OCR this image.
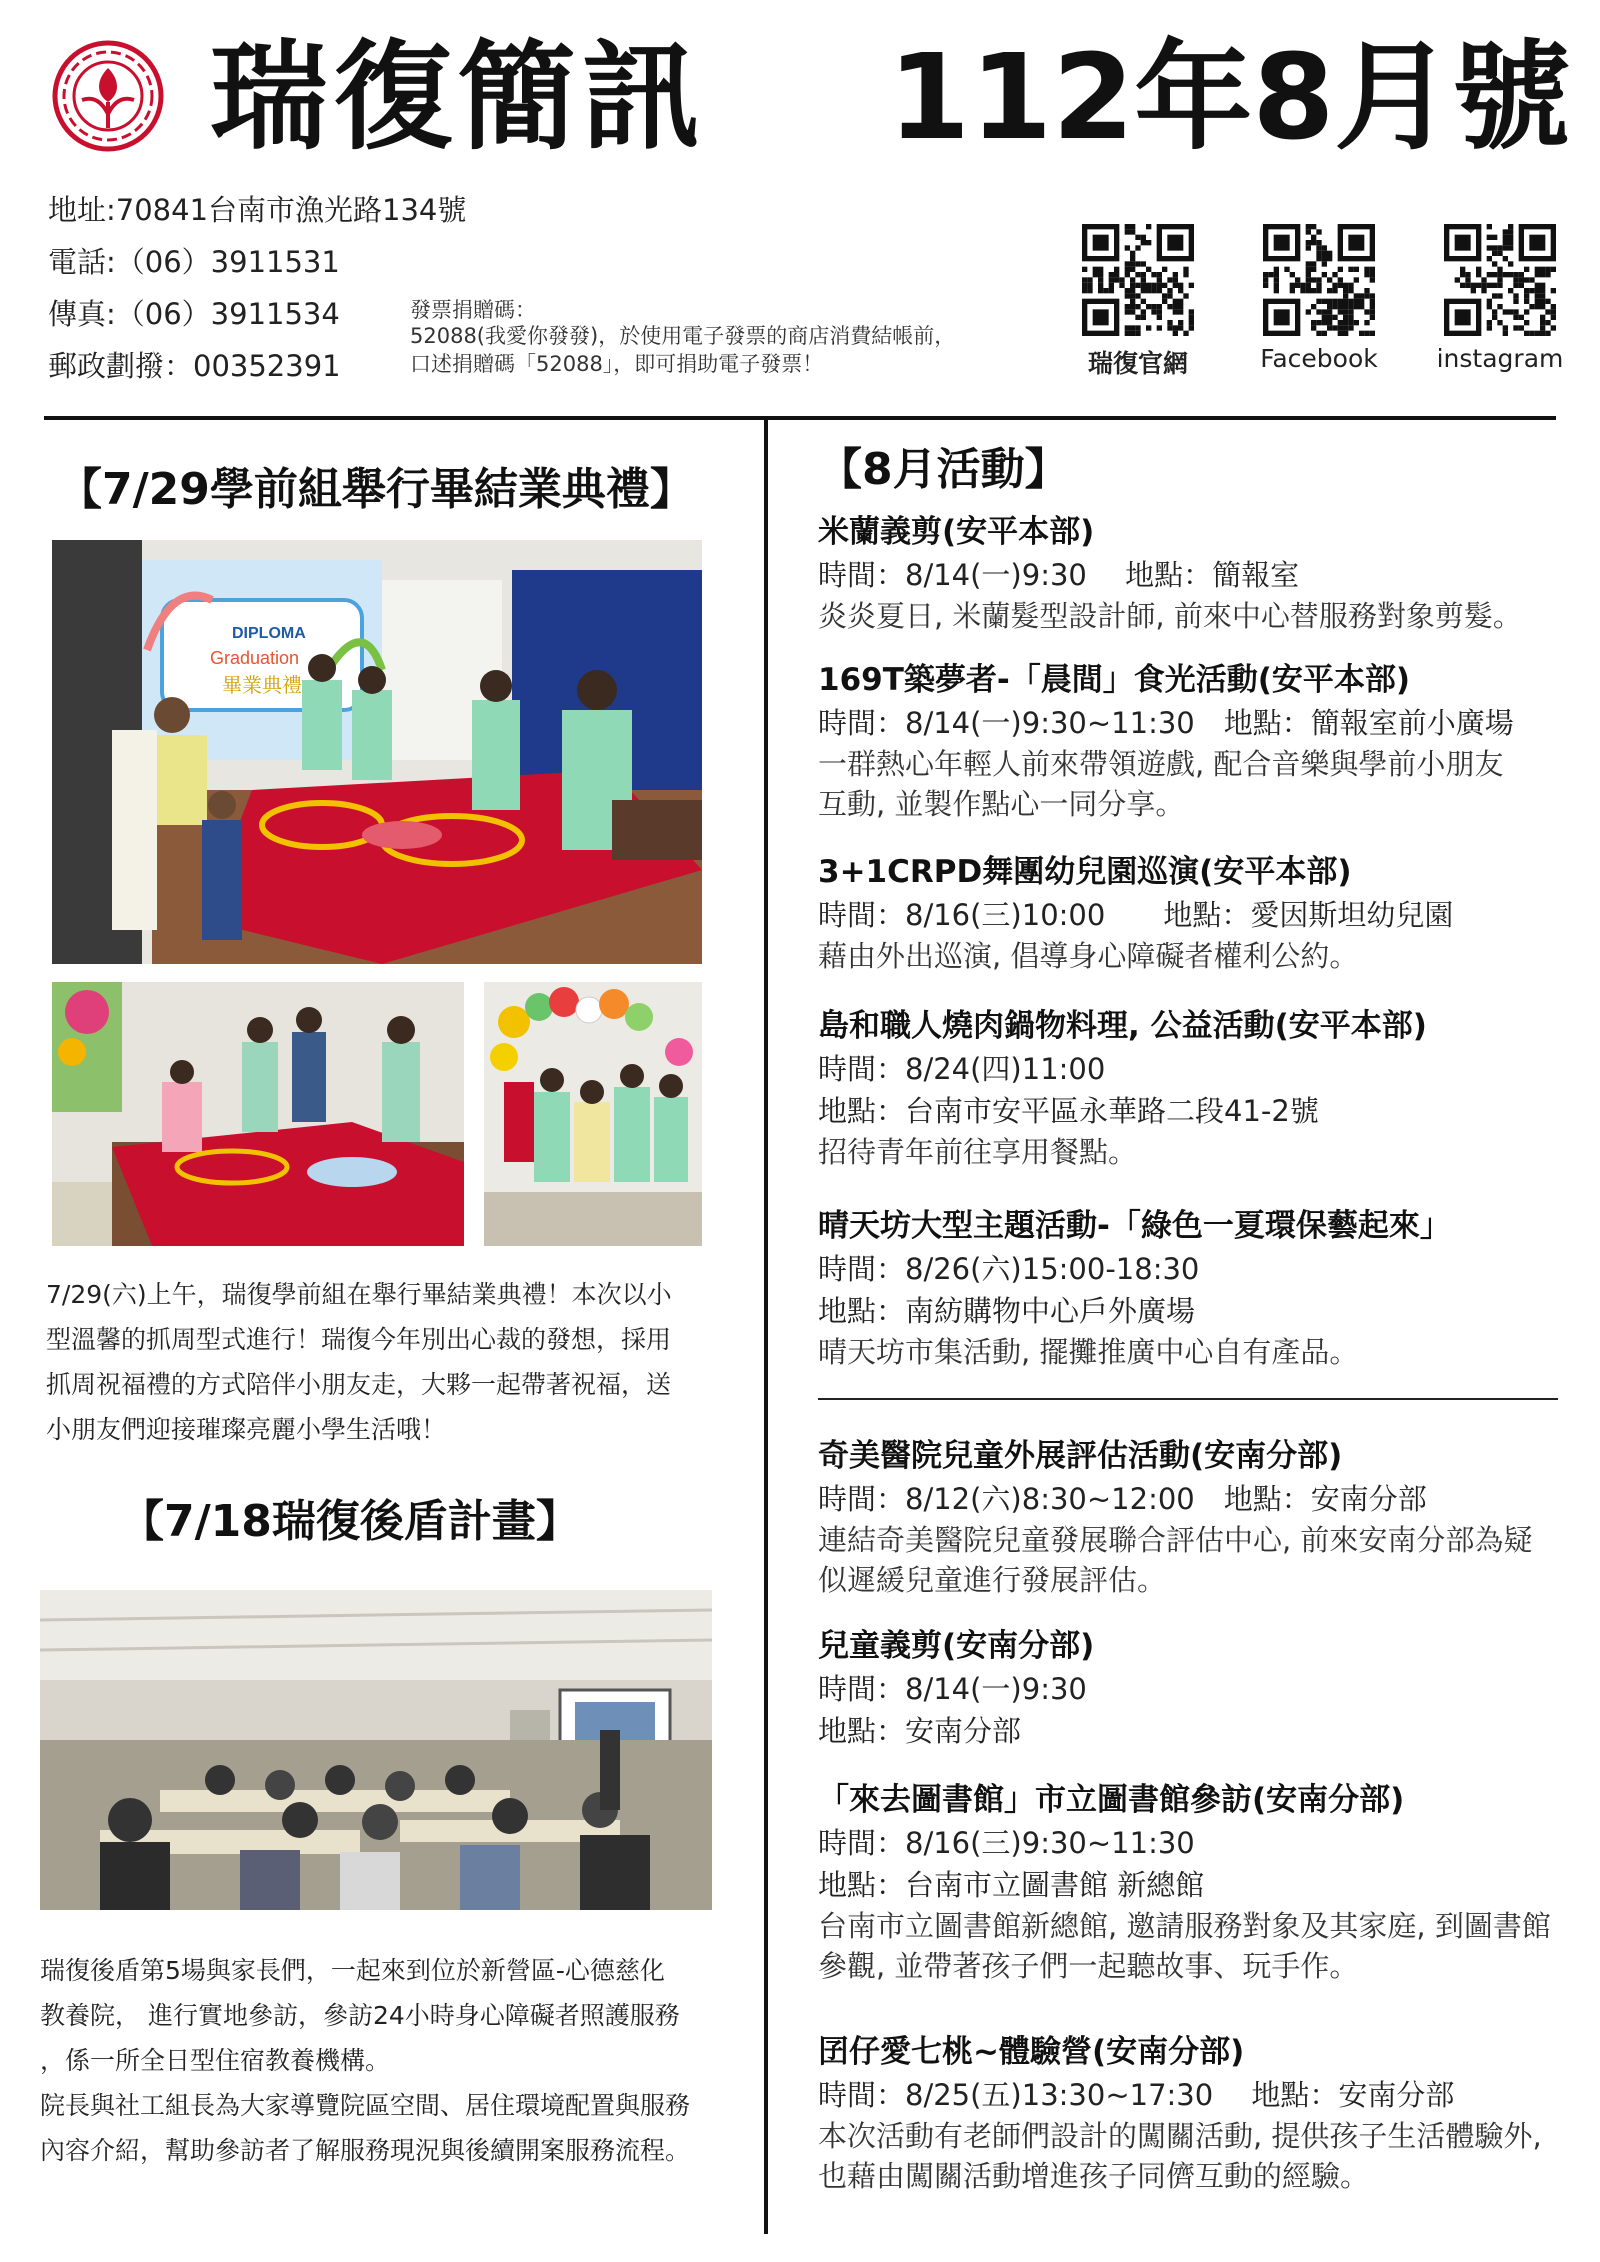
瑞復簡訊 112年8月號
地址:70841台南市漁光路134號
電話:（06）3911531
傳真:（06）3911534
郵政劃撥：00352391
發票捐贈碼：
52088(我愛你發發)，於使用電子發票的商店消費結帳前，
口述捐贈碼「52088」，即可捐助電子發票！	瑞復官網	Facebook	instagram
【7/29學前組舉行畢結業典禮】
DIPLOMA
Graduation
畢業典禮
7/29(六)上午，瑞復學前組在舉行畢結業典禮！本次以小
型溫馨的抓周型式進行！瑞復今年別出心裁的發想，採用
抓周祝福禮的方式陪伴小朋友走，大夥一起帶著祝福，送
小朋友們迎接璀璨亮麗小學生活哦！
【7/18瑞復後盾計畫】
瑞復後盾第5場與家長們，一起來到位於新營區-心德慈化
教養院， 進行實地參訪，參訪24小時身心障礙者照護服務
，係一所全日型住宿教養機構。
院長與社工組長為大家導覽院區空間、居住環境配置與服務
內容介紹，幫助參訪者了解服務現況與後續開案服務流程。
【8月活動】
米蘭義剪(安平本部)
時間：8/14(一)9:30　 地點：簡報室
炎炎夏日, 米蘭髮型設計師, 前來中心替服務對象剪髮。
169T築夢者-「晨間」食光活動(安平本部)
時間：8/14(一)9:30~11:30　地點：簡報室前小廣場
一群熱心年輕人前來帶領遊戲, 配合音樂與學前小朋友
互動, 並製作點心一同分享。
3+1CRPD舞團幼兒園巡演(安平本部)
時間：8/16(三)10:00　　地點：愛因斯坦幼兒園
藉由外出巡演, 倡導身心障礙者權利公約。
島和職人燒肉鍋物料理, 公益活動(安平本部)
時間：8/24(四)11:00
地點：台南市安平區永華路二段41-2號
招待青年前往享用餐點。
晴天坊大型主題活動-「綠色一夏環保藝起來」
時間：8/26(六)15:00-18:30
地點：南紡購物中心戶外廣場
晴天坊市集活動, 擺攤推廣中心自有產品。
奇美醫院兒童外展評估活動(安南分部)
時間：8/12(六)8:30~12:00　地點：安南分部
連結奇美醫院兒童發展聯合評估中心, 前來安南分部為疑
似遲緩兒童進行發展評估。
兒童義剪(安南分部)
時間：8/14(一)9:30
地點：安南分部
「來去圖書館」市立圖書館參訪(安南分部)
時間：8/16(三)9:30~11:30
地點：台南市立圖書館 新總館
台南市立圖書館新總館, 邀請服務對象及其家庭, 到圖書館
參觀, 並帶著孩子們一起聽故事、玩手作。
囝仔愛七桃~體驗營(安南分部)
時間：8/25(五)13:30~17:30　 地點：安南分部
本次活動有老師們設計的闖關活動, 提供孩子生活體驗外,
也藉由闖關活動增進孩子同儕互動的經驗。
